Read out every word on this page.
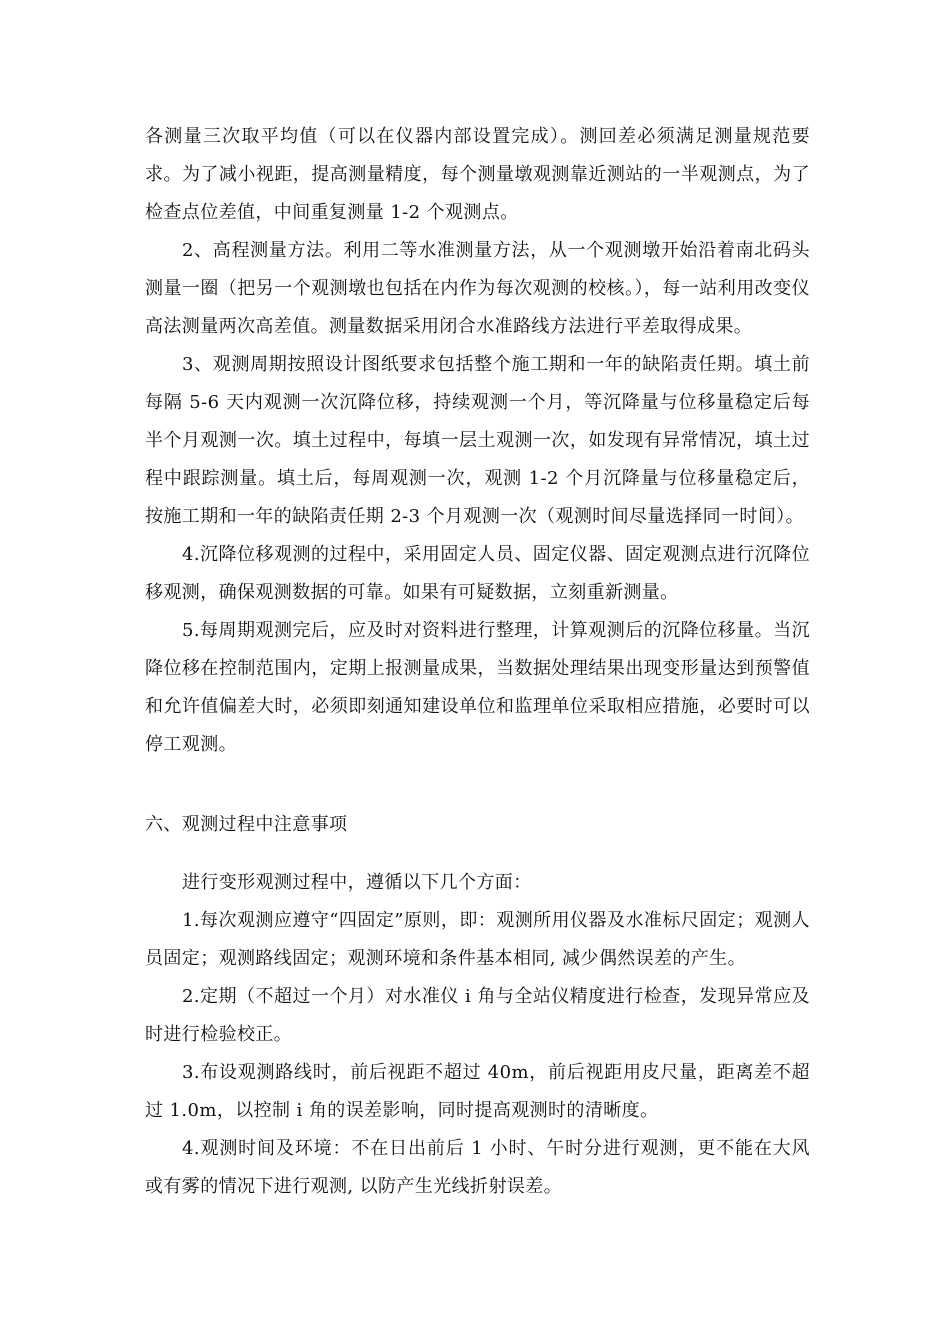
各测量三次取平均值（可以在仪器内部设置完成）。测回差必须满足测量规范要求。为了减小视距，提高测量精度，每个测量墩观测靠近测站的一半观测点，为了检查点位差值，中间重复测量 1-2 个观测点。

2、高程测量方法。利用二等水准测量方法，从一个观测墩开始沿着南北码头测量一圈（把另一个观测墩也包括在内作为每次观测的校核。），每一站利用改变仪高法测量两次高差值。测量数据采用闭合水准路线方法进行平差取得成果。

3、观测周期按照设计图纸要求包括整个施工期和一年的缺陷责任期。填土前每隔 5-6 天内观测一次沉降位移，持续观测一个月，等沉降量与位移量稳定后每半个月观测一次。填土过程中，每填一层土观测一次，如发现有异常情况，填土过程中跟踪测量。填土后，每周观测一次，观测 1-2 个月沉降量与位移量稳定后，按施工期和一年的缺陷责任期 2-3 个月观测一次（观测时间尽量选择同一时间）。

4.沉降位移观测的过程中，采用固定人员、固定仪器、固定观测点进行沉降位移观测，确保观测数据的可靠。如果有可疑数据，立刻重新测量。

5.每周期观测完后，应及时对资料进行整理，计算观测后的沉降位移量。当沉降位移在控制范围内，定期上报测量成果，当数据处理结果出现变形量达到预警值和允许值偏差大时，必须即刻通知建设单位和监理单位采取相应措施，必要时可以停工观测。

六、观测过程中注意事项

进行变形观测过程中，遵循以下几个方面：

1.每次观测应遵守“四固定”原则，即：观测所用仪器及水准标尺固定；观测人员固定；观测路线固定；观测环境和条件基本相同, 减少偶然误差的产生。

2.定期（不超过一个月）对水准仪 i 角与全站仪精度进行检查，发现异常应及时进行检验校正。

3.布设观测路线时，前后视距不超过 40m，前后视距用皮尺量，距离差不超过 1.0m，以控制 i 角的误差影响，同时提高观测时的清晰度。

4.观测时间及环境：不在日出前后 1 小时、午时分进行观测，更不能在大风或有雾的情况下进行观测, 以防产生光线折射误差。
